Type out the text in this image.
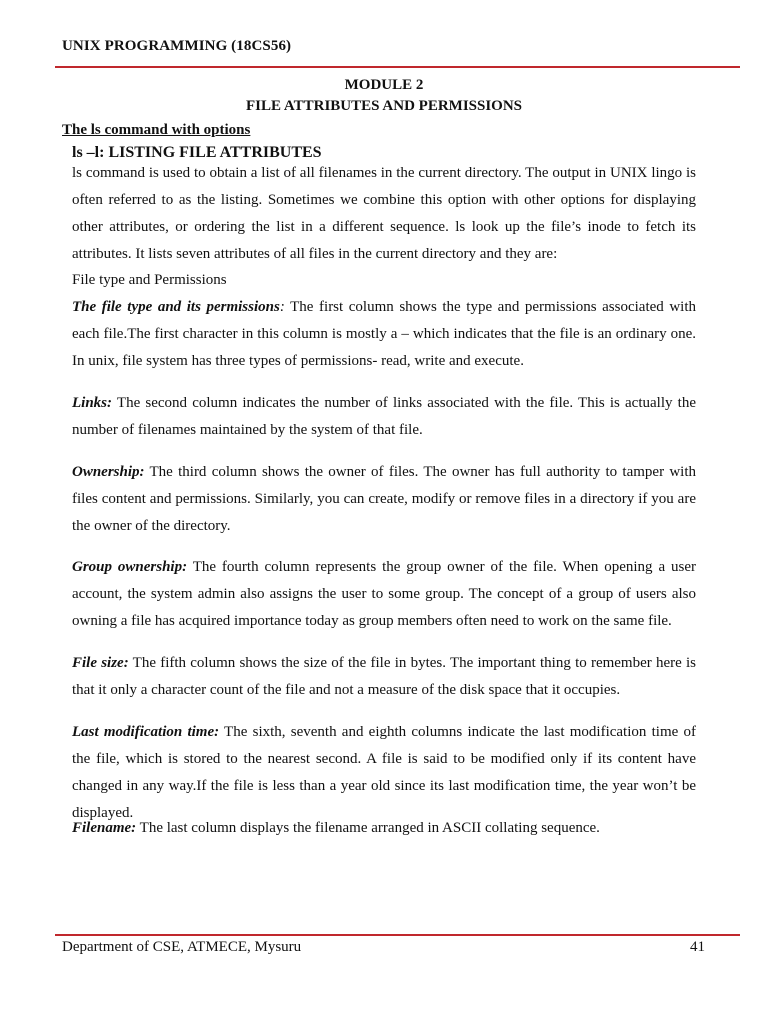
UNIX PROGRAMMING (18CS56)
MODULE 2
FILE ATTRIBUTES AND PERMISSIONS
The ls command with options
ls –l: LISTING FILE ATTRIBUTES

ls command is used to obtain a list of all filenames in the current directory. The output in UNIX lingo is often referred to as the listing. Sometimes we combine this option with other options for displaying other attributes, or ordering the list in a different sequence. ls look up the file’s inode to fetch its attributes. It lists seven attributes of all files in the current directory and they are:

File type and Permissions

The file type and its permissions: The first column shows the type and permissions associated with each file.The first character in this column is mostly a – which indicates that the file is an ordinary one. In unix, file system has three types of permissions- read, write and execute.

Links: The second column indicates the number of links associated with the file. This is actually the number of filenames maintained by the system of that file.

Ownership: The third column shows the owner of files. The owner has full authority to tamper with files content and permissions. Similarly, you can create, modify or remove files in a directory if you are the owner of the directory.

Group ownership: The fourth column represents the group owner of the file. When opening a user account, the system admin also assigns the user to some group. The concept of a group of users also owning a file has acquired importance today as group members often need to work on the same file.

File size: The fifth column shows the size of the file in bytes. The important thing to remember here is that it only a character count of the file and not a measure of the disk space that it occupies.

Last modification time: The sixth, seventh and eighth columns indicate the last modification time of the file, which is stored to the nearest second. A file is said to be modified only if its content have changed in any way.If the file is less than a year old since its last modification time, the year won’t be displayed.

Filename: The last column displays the filename arranged in ASCII collating sequence.

Department of CSE, ATMECE, Mysuru	41
